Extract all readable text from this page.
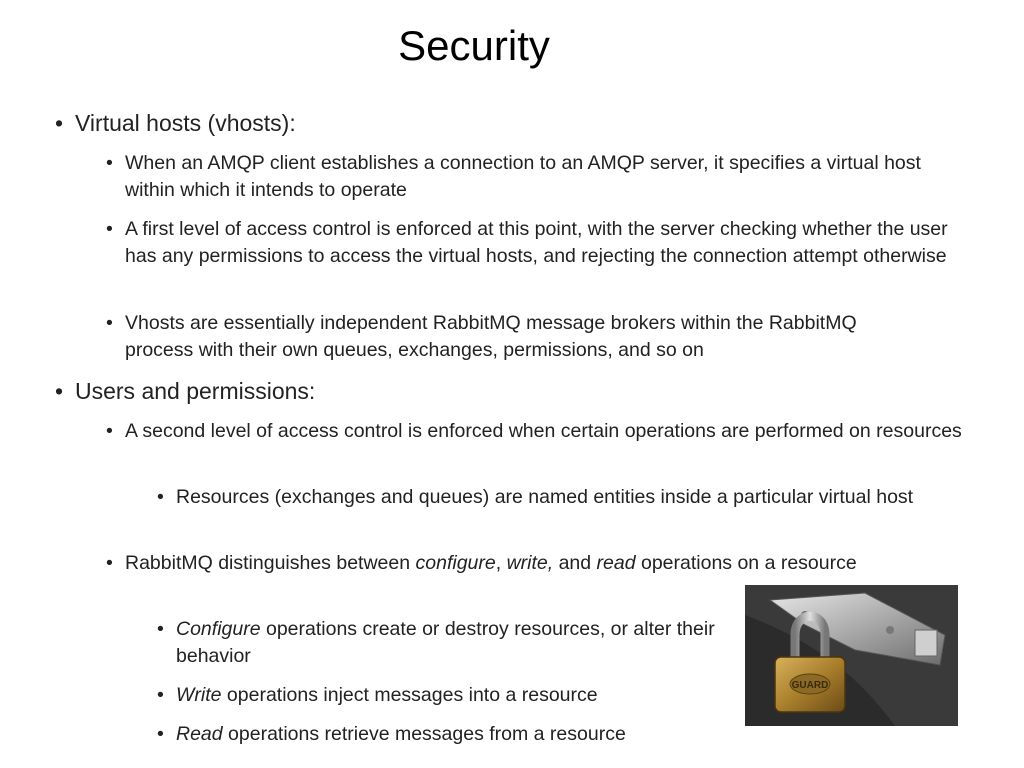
Security
• Virtual hosts (vhosts):
• When an AMQP client establishes a connection to an AMQP server, it specifies a virtual host within which it intends to operate
• A first level of access control is enforced at this point, with the server checking whether the user has any permissions to access the virtual hosts, and rejecting the connection attempt otherwise
• Vhosts are essentially independent RabbitMQ message brokers within the RabbitMQ process with their own queues, exchanges, permissions, and so on
• Users and permissions:
• A second level of access control is enforced when certain operations are performed on resources
• Resources (exchanges and queues) are named entities inside a particular virtual host
• RabbitMQ distinguishes between configure, write, and read operations on a resource
• Configure operations create or destroy resources, or alter their behavior
• Write operations inject messages into a resource
• Read operations retrieve messages from a resource
GUARD
